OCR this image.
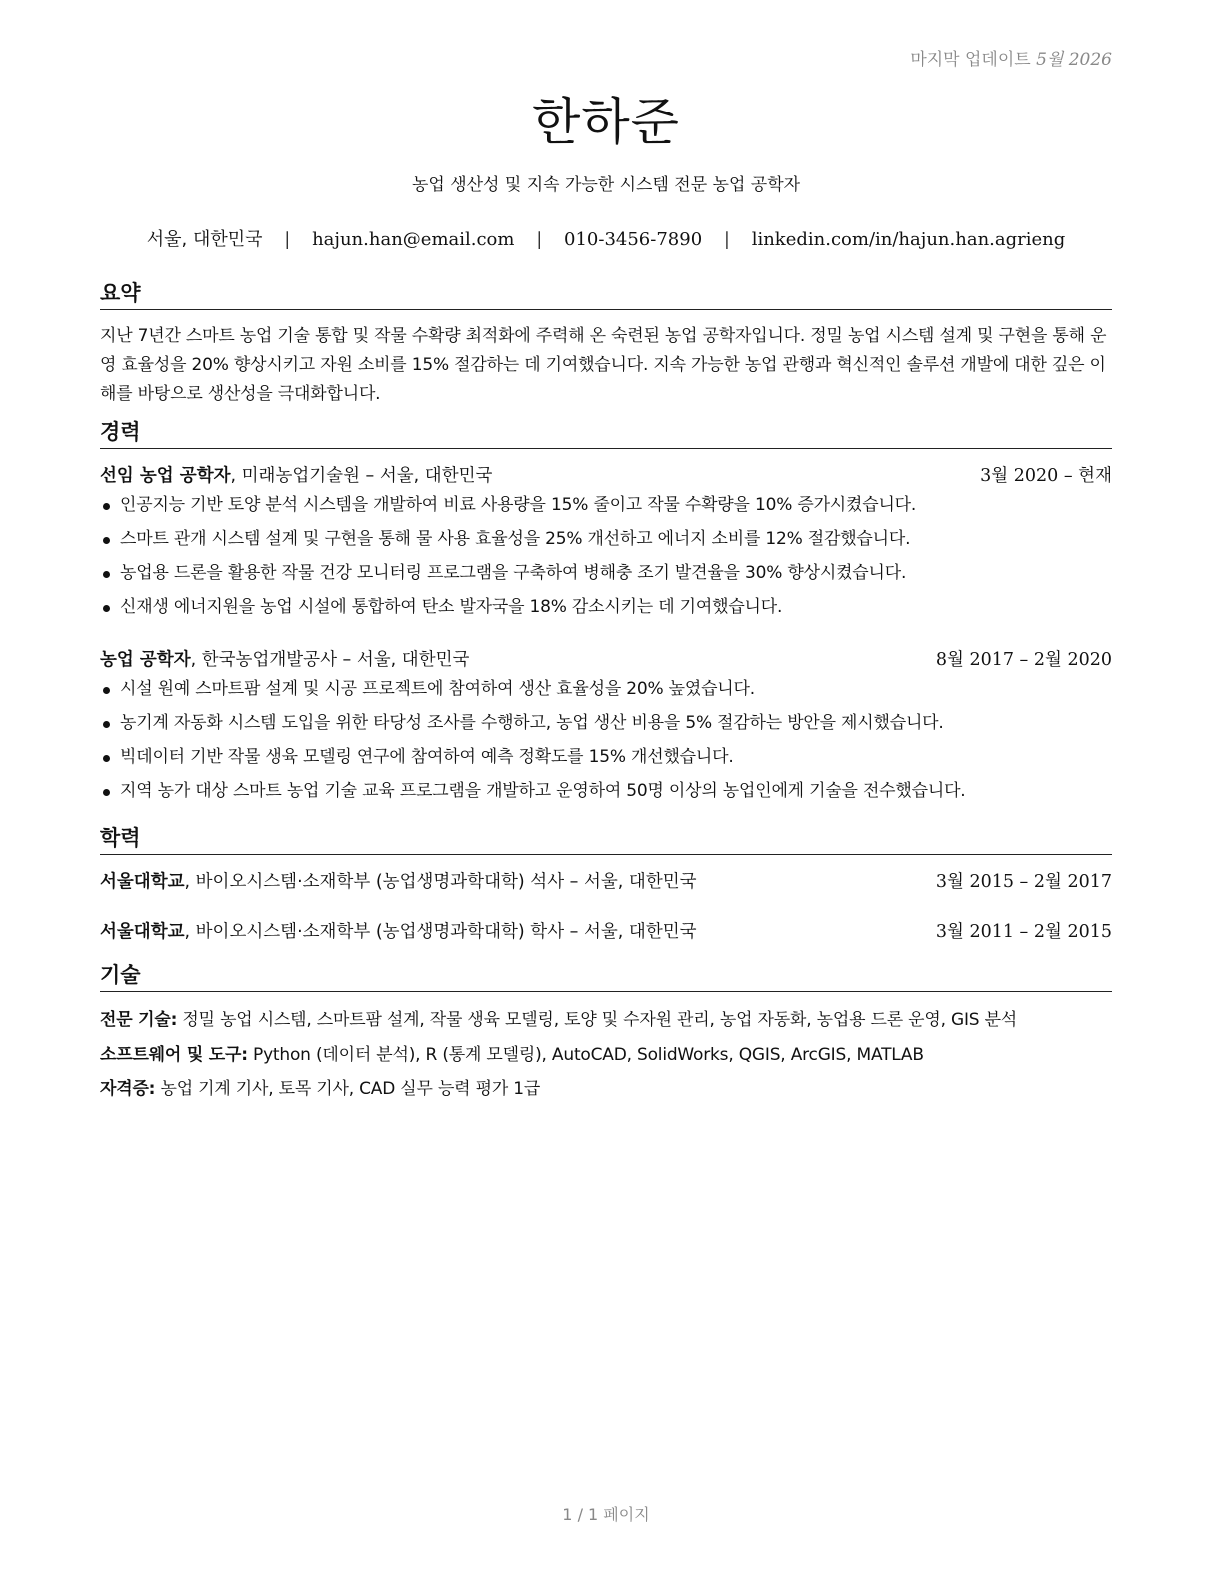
마지막 업데이트 5월 2026
한하준
농업 생산성 및 지속 가능한 시스템 전문 농업 공학자
서울, 대한민국 | hajun.han@email.com | 010-3456-7890 | linkedin.com/in/hajun.han.agrieng
요약
지난 7년간 스마트 농업 기술 통합 및 작물 수확량 최적화에 주력해 온 숙련된 농업 공학자입니다. 정밀 농업 시스템 설계 및 구현을 통해 운영 효율성을 20% 향상시키고 자원 소비를 15% 절감하는 데 기여했습니다. 지속 가능한 농업 관행과 혁신적인 솔루션 개발에 대한 깊은 이해를 바탕으로 생산성을 극대화합니다.
경력
선임 농업 공학자, 미래농업기술원 – 서울, 대한민국	3월 2020 – 현재
인공지능 기반 토양 분석 시스템을 개발하여 비료 사용량을 15% 줄이고 작물 수확량을 10% 증가시켰습니다.
스마트 관개 시스템 설계 및 구현을 통해 물 사용 효율성을 25% 개선하고 에너지 소비를 12% 절감했습니다.
농업용 드론을 활용한 작물 건강 모니터링 프로그램을 구축하여 병해충 조기 발견율을 30% 향상시켰습니다.
신재생 에너지원을 농업 시설에 통합하여 탄소 발자국을 18% 감소시키는 데 기여했습니다.
농업 공학자, 한국농업개발공사 – 서울, 대한민국	8월 2017 – 2월 2020
시설 원예 스마트팜 설계 및 시공 프로젝트에 참여하여 생산 효율성을 20% 높였습니다.
농기계 자동화 시스템 도입을 위한 타당성 조사를 수행하고, 농업 생산 비용을 5% 절감하는 방안을 제시했습니다.
빅데이터 기반 작물 생육 모델링 연구에 참여하여 예측 정확도를 15% 개선했습니다.
지역 농가 대상 스마트 농업 기술 교육 프로그램을 개발하고 운영하여 50명 이상의 농업인에게 기술을 전수했습니다.
학력
서울대학교, 바이오시스템·소재학부 (농업생명과학대학) 석사 – 서울, 대한민국	3월 2015 – 2월 2017
서울대학교, 바이오시스템·소재학부 (농업생명과학대학) 학사 – 서울, 대한민국	3월 2011 – 2월 2015
기술
전문 기술: 정밀 농업 시스템, 스마트팜 설계, 작물 생육 모델링, 토양 및 수자원 관리, 농업 자동화, 농업용 드론 운영, GIS 분석
소프트웨어 및 도구: Python (데이터 분석), R (통계 모델링), AutoCAD, SolidWorks, QGIS, ArcGIS, MATLAB
자격증: 농업 기계 기사, 토목 기사, CAD 실무 능력 평가 1급
1 / 1 페이지
